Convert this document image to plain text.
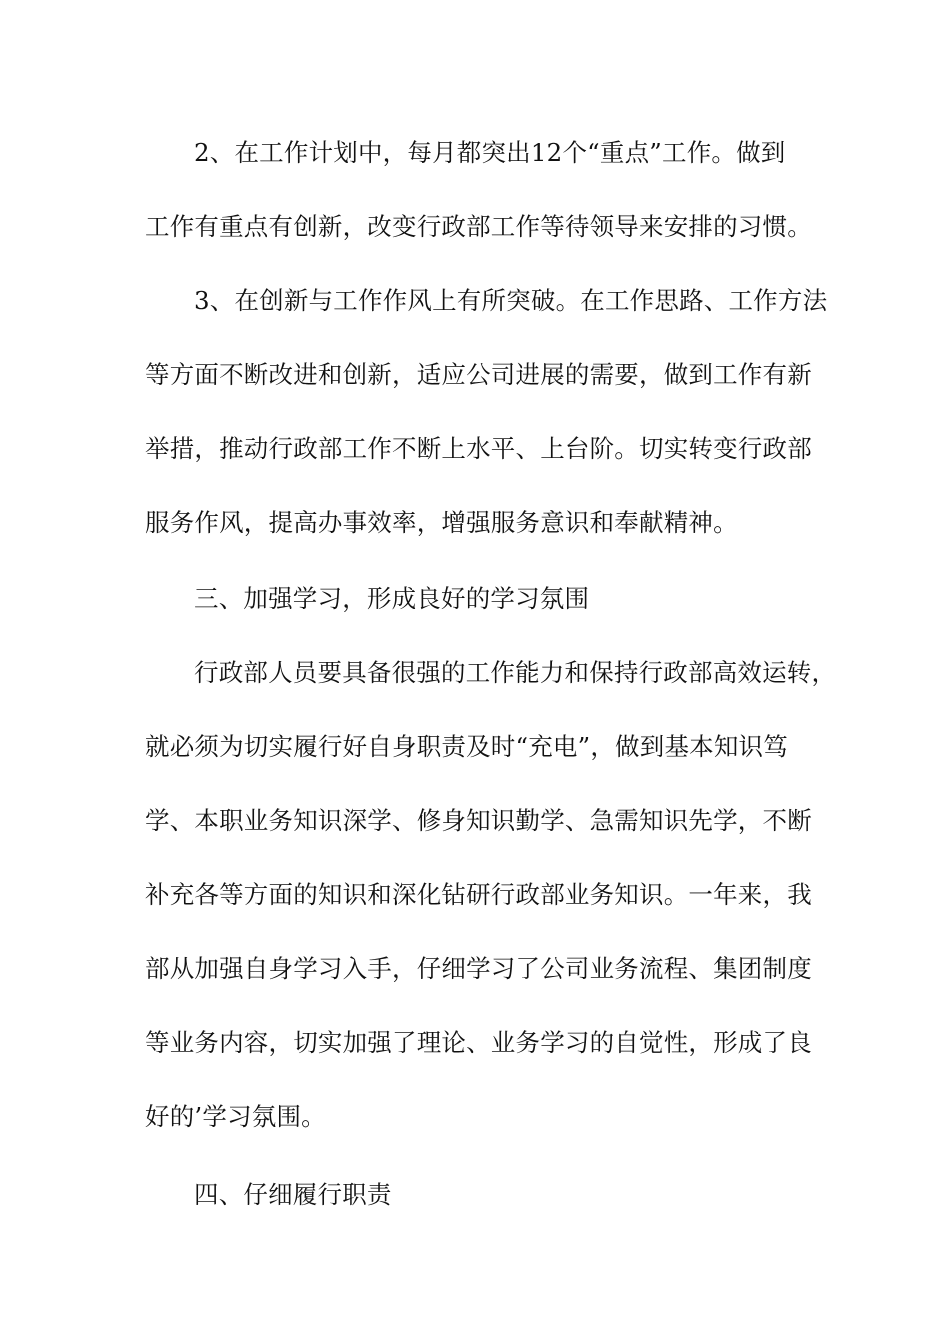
2、在工作计划中，每月都突出12个“重点”工作。做到
工作有重点有创新，改变行政部工作等待领导来安排的习惯。
3、在创新与工作作风上有所突破。在工作思路、工作方法
等方面不断改进和创新，适应公司进展的需要，做到工作有新
举措，推动行政部工作不断上水平、上台阶。切实转变行政部
服务作风，提高办事效率，增强服务意识和奉献精神。
三、加强学习，形成良好的学习氛围
行政部人员要具备很强的工作能力和保持行政部高效运转，
就必须为切实履行好自身职责及时“充电”，做到基本知识笃
学、本职业务知识深学、修身知识勤学、急需知识先学，不断
补充各等方面的知识和深化钻研行政部业务知识。一年来，我
部从加强自身学习入手，仔细学习了公司业务流程、集团制度
等业务内容，切实加强了理论、业务学习的自觉性，形成了良
好的’学习氛围。
四、仔细履行职责
